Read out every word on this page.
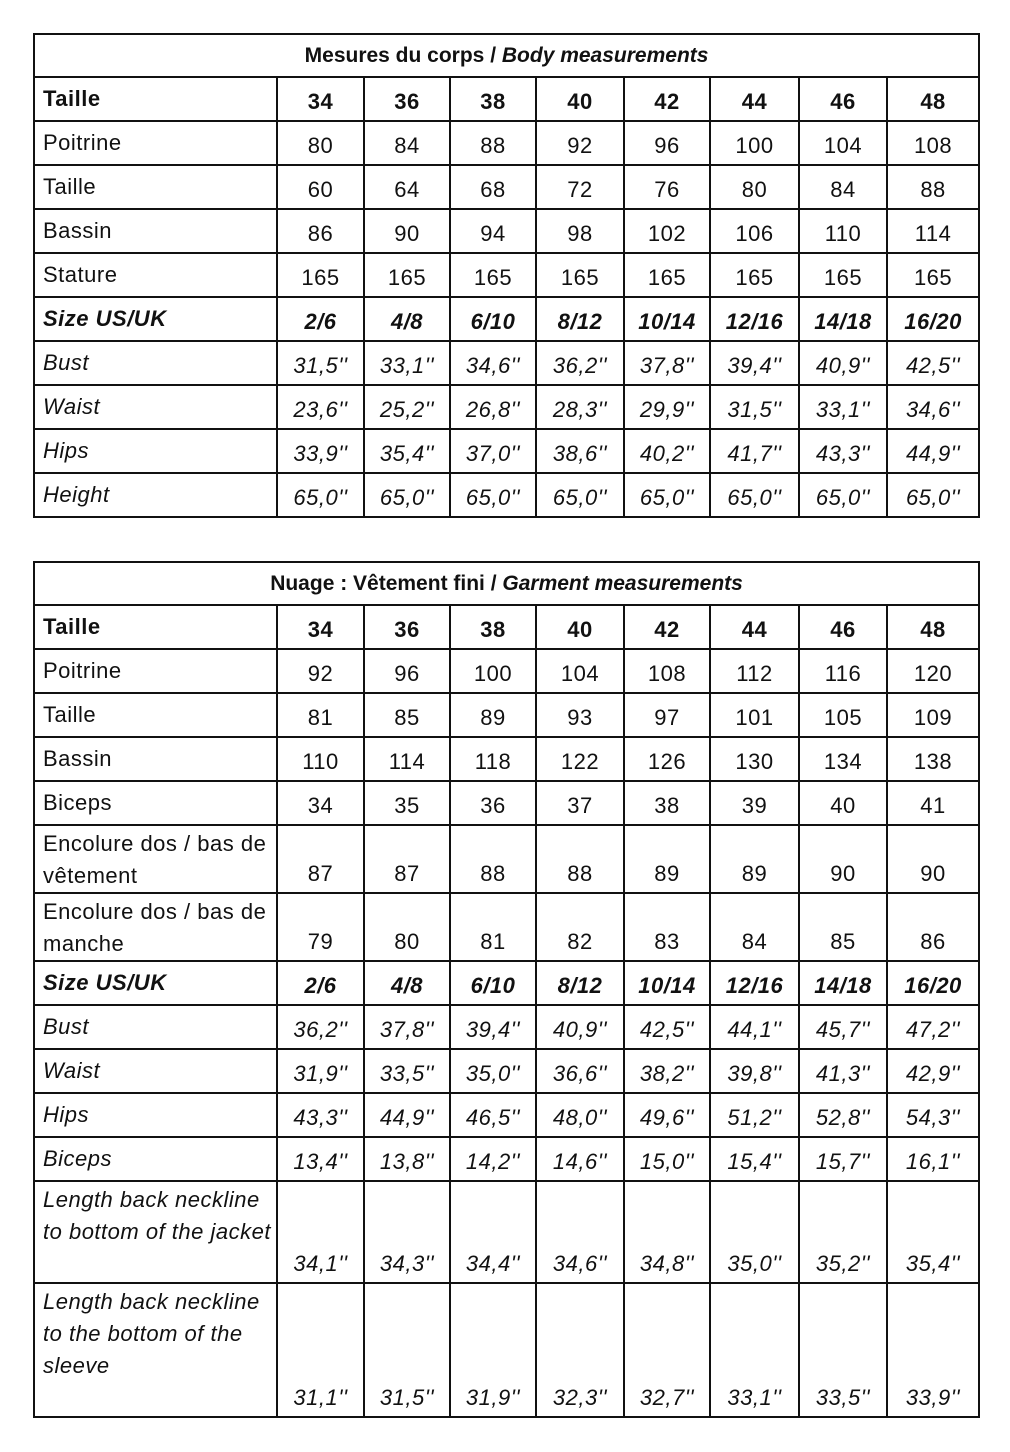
Mesures du corps / Body measurements								
Taille	34	36	38	40	42	44	46	48
Poitrine	80	84	88	92	96	100	104	108
Taille	60	64	68	72	76	80	84	88
Bassin	86	90	94	98	102	106	110	114
Stature	165	165	165	165	165	165	165	165
Size US/UK	2/6	4/8	6/10	8/12	10/14	12/16	14/18	16/20
Bust	31,5''	33,1''	34,6''	36,2''	37,8''	39,4''	40,9''	42,5''
Waist	23,6''	25,2''	26,8''	28,3''	29,9''	31,5''	33,1''	34,6''
Hips	33,9''	35,4''	37,0''	38,6''	40,2''	41,7''	43,3''	44,9''
Height	65,0''	65,0''	65,0''	65,0''	65,0''	65,0''	65,0''	65,0''
Nuage : Vêtement fini / Garment measurements								
Taille	34	36	38	40	42	44	46	48
Poitrine	92	96	100	104	108	112	116	120
Taille	81	85	89	93	97	101	105	109
Bassin	110	114	118	122	126	130	134	138
Biceps	34	35	36	37	38	39	40	41
Encolure dos / bas de vêtement	87	87	88	88	89	89	90	90
Encolure dos / bas de manche	79	80	81	82	83	84	85	86
Size US/UK	2/6	4/8	6/10	8/12	10/14	12/16	14/18	16/20
Bust	36,2''	37,8''	39,4''	40,9''	42,5''	44,1''	45,7''	47,2''
Waist	31,9''	33,5''	35,0''	36,6''	38,2''	39,8''	41,3''	42,9''
Hips	43,3''	44,9''	46,5''	48,0''	49,6''	51,2''	52,8''	54,3''
Biceps	13,4''	13,8''	14,2''	14,6''	15,0''	15,4''	15,7''	16,1''
Length back neckline to bottom of the jacket	34,1''	34,3''	34,4''	34,6''	34,8''	35,0''	35,2''	35,4''
Length back neckline to the bottom of the sleeve	31,1''	31,5''	31,9''	32,3''	32,7''	33,1''	33,5''	33,9''
